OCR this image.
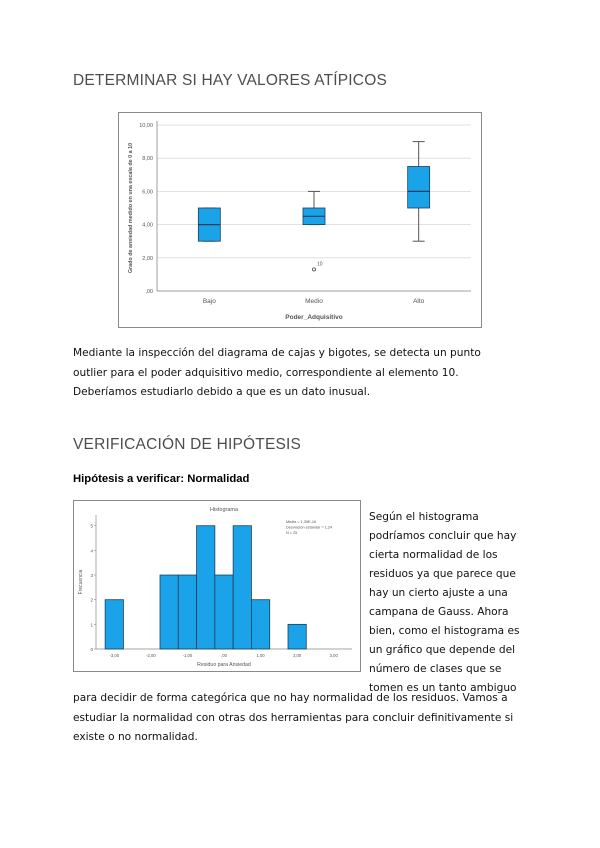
DETERMINAR SI HAY VALORES ATÍPICOS
10,00
8,00
6,00
4,00
2,00
,00
Bajo	Medio	Alto
Poder_Adquisitivo
Grado de ansiedad medido en una escala de 0 a 10	10
Mediante la inspección del diagrama de cajas y bigotes, se detecta un punto
outlier para el poder adquisitivo medio, correspondiente al elemento 10.
Deberíamos estudiarlo debido a que es un dato inusual.
VERIFICACIÓN DE HIPÓTESIS
Hipótesis a verificar: Normalidad
Histograma
5
4
3
2
1
0
-3,00	-2,00	-1,00	,00	1,00	2,00	3,00
Residuo para Ansiedad
Frecuencia
Media = 1,39E-16
Desviación estándar = 1,24
N = 25
Según el histograma
podríamos concluir que hay
cierta normalidad de los
residuos ya que parece que
hay un cierto ajuste a una
campana de Gauss. Ahora
bien, como el histograma es
un gráfico que depende del
número de clases que se
tomen es un tanto ambiguo
para decidir de forma categórica que no hay normalidad de los residuos. Vamos a
estudiar la normalidad con otras dos herramientas para concluir definitivamente si
existe o no normalidad.
